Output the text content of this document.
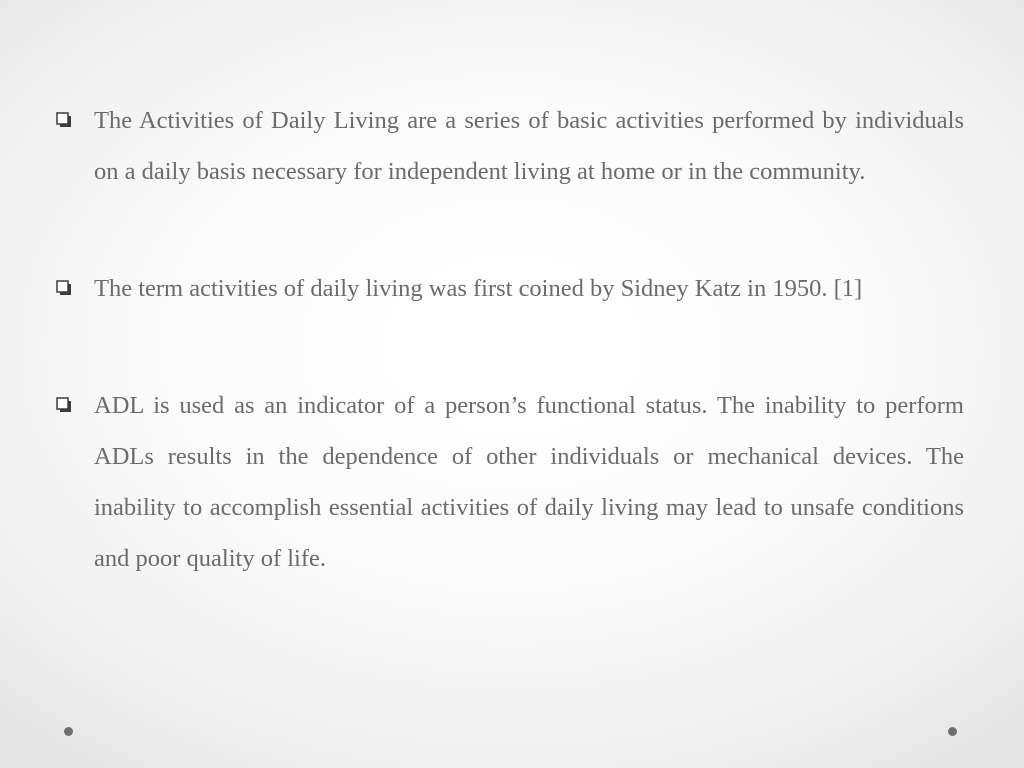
The Activities of Daily Living are a series of basic activities performed by individuals on a daily basis necessary for independent living at home or in the community.
The term activities of daily living was first coined by Sidney Katz in 1950. [1]
ADL is used as an indicator of a person’s functional status. The inability to perform ADLs results in the dependence of other individuals or mechanical devices. The inability to accomplish essential activities of daily living may lead to unsafe conditions and poor quality of life.
